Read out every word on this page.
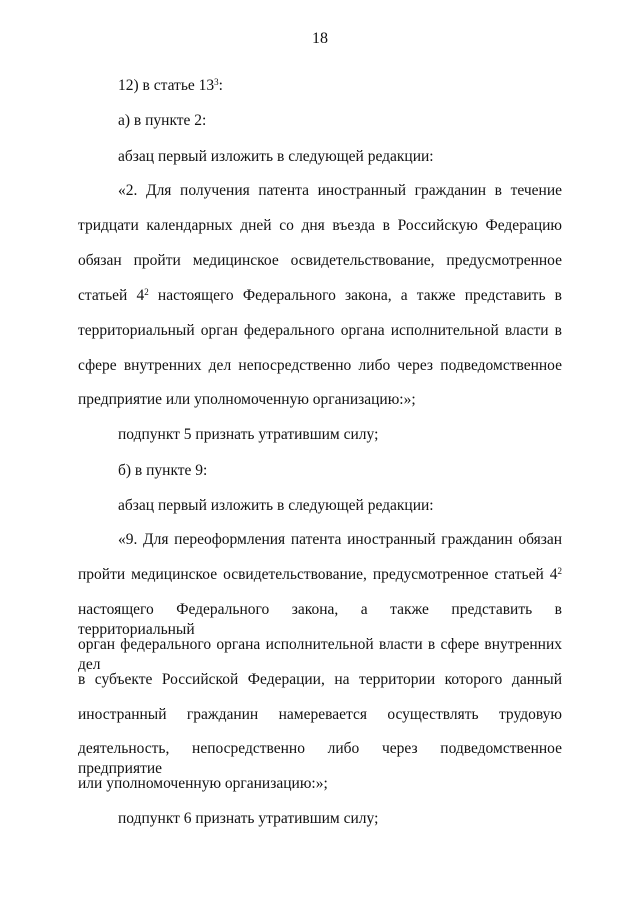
18
12) в статье $13^3$:
а) в пункте 2:
абзац первый изложить в следующей редакции:
«2. Для получения патента иностранный гражданин в течение
тридцати календарных дней со дня въезда в Российскую Федерацию
обязан пройти медицинское освидетельствование, предусмотренное
статьей $4^2$ настоящего Федерального закона, а также представить в
территориальный орган федерального органа исполнительной власти в
сфере внутренних дел непосредственно либо через подведомственное
предприятие или уполномоченную организацию:»;
подпункт 5 признать утратившим силу;
б) в пункте 9:
абзац первый изложить в следующей редакции:
«9. Для переоформления патента иностранный гражданин обязан
пройти медицинское освидетельствование, предусмотренное статьей $4^2$
настоящего Федерального закона, а также представить в территориальный
орган федерального органа исполнительной власти в сфере внутренних дел
в субъекте Российской Федерации, на территории которого данный
иностранный гражданин намеревается осуществлять трудовую
деятельность, непосредственно либо через подведомственное предприятие
или уполномоченную организацию:»;
подпункт 6 признать утратившим силу;
